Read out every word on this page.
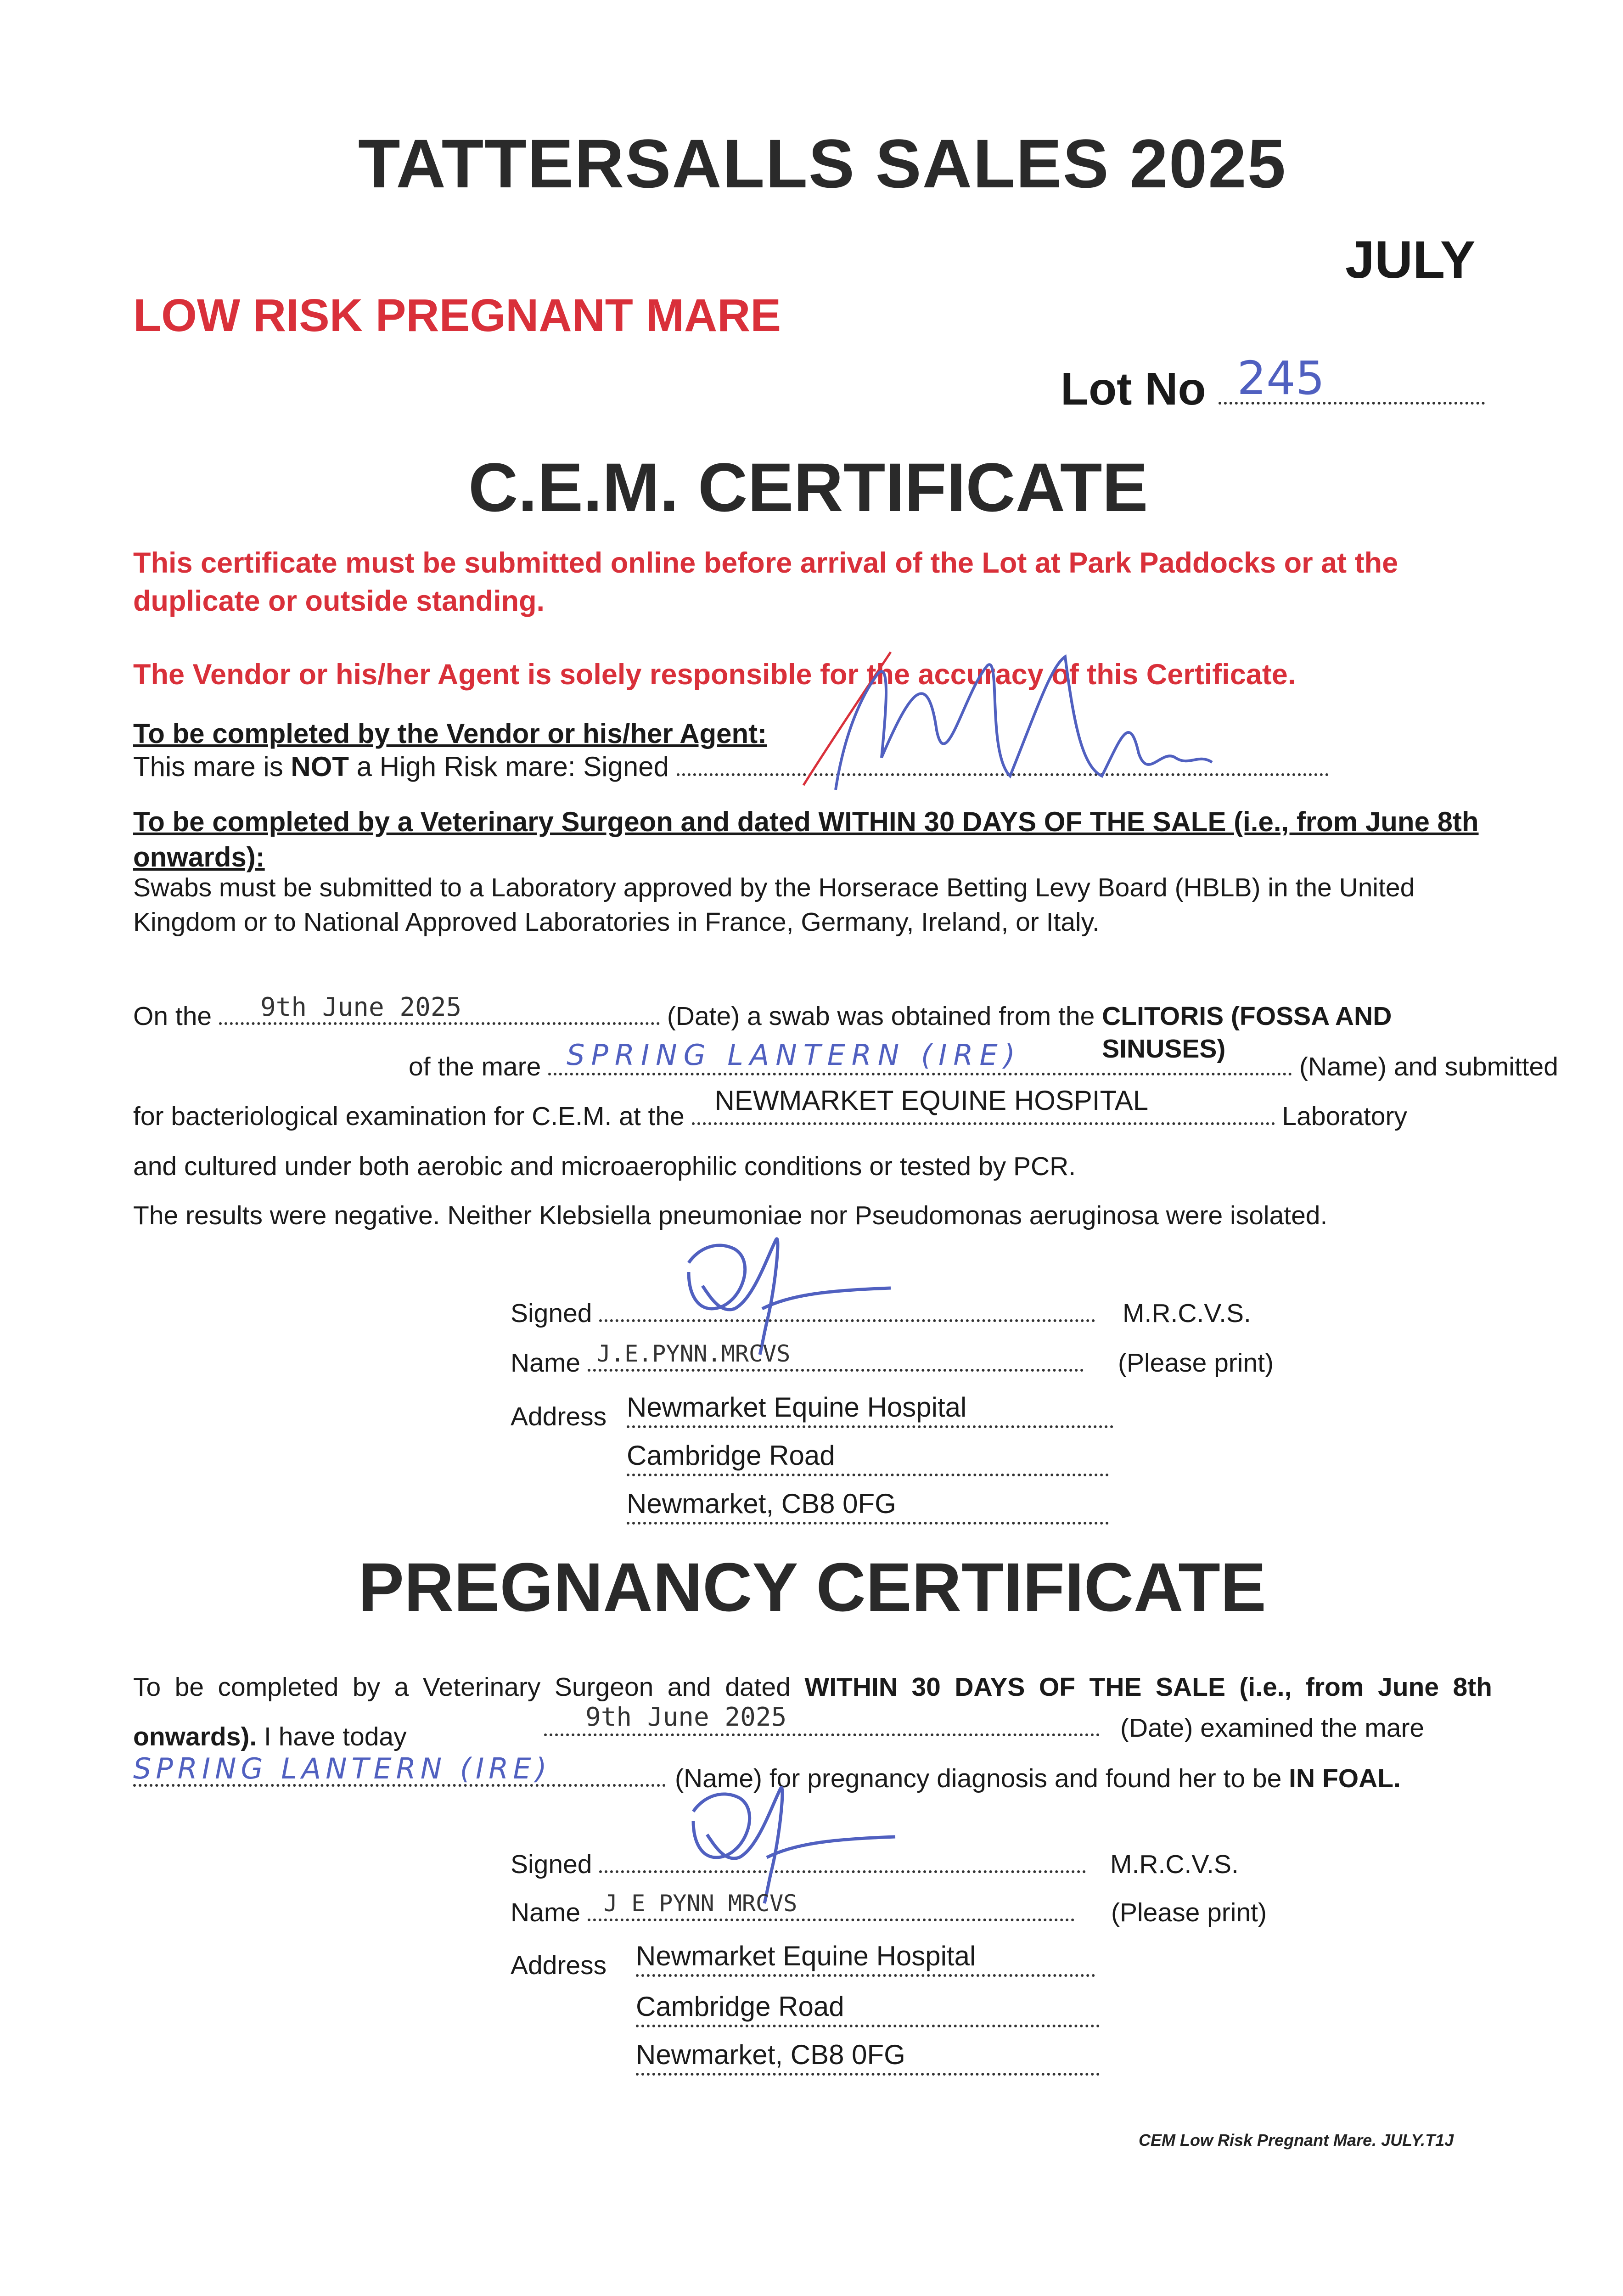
TATTERSALLS SALES 2025
JULY
LOW RISK PREGNANT MARE
Lot No 245
C.E.M. CERTIFICATE
This certificate must be submitted online before arrival of the Lot at Park Paddocks or at the duplicate or outside standing.
The Vendor or his/her Agent is solely responsible for the accuracy of this Certificate.
To be completed by the Vendor or his/her Agent:
This mare is NOT a High Risk mare: Signed
To be completed by a Veterinary Surgeon and dated WITHIN 30 DAYS OF THE SALE (i.e., from June 8th onwards):
Swabs must be submitted to a Laboratory approved by the Horserace Betting Levy Board (HBLB) in the United Kingdom or to National Approved Laboratories in France, Germany, Ireland, or Italy.
On the 9th June 2025	(Date) a swab was obtained from the CLITORIS (FOSSA AND SINUSES)
of the mare SPRING LANTERN (IRE)	(Name) and submitted
for bacteriological examination for C.E.M. at the
NEWMARKET EQUINE HOSPITAL
Laboratory
and cultured under both aerobic and microaerophilic conditions or tested by PCR.
The results were negative. Neither Klebsiella pneumoniae nor Pseudomonas aeruginosa were isolated.
Signed	M.R.C.V.S.
Name J.E.PYNN.MRCVS	(Please print)
Address Newmarket Equine Hospital
Cambridge Road
Newmarket, CB8 0FG
PREGNANCY CERTIFICATE
To be completed by a Veterinary Surgeon and dated WITHIN 30 DAYS OF THE SALE (i.e., from June 8th onwards). I have today
9th June 2025	(Date) examined the mare
SPRING LANTERN (IRE)	(Name) for pregnancy diagnosis and found her to be IN FOAL.
Signed	M.R.C.V.S.
Name J E PYNN MRCVS	(Please print)
Address Newmarket Equine Hospital
Cambridge Road
Newmarket, CB8 0FG
CEM Low Risk Pregnant Mare. JULY.T1J
